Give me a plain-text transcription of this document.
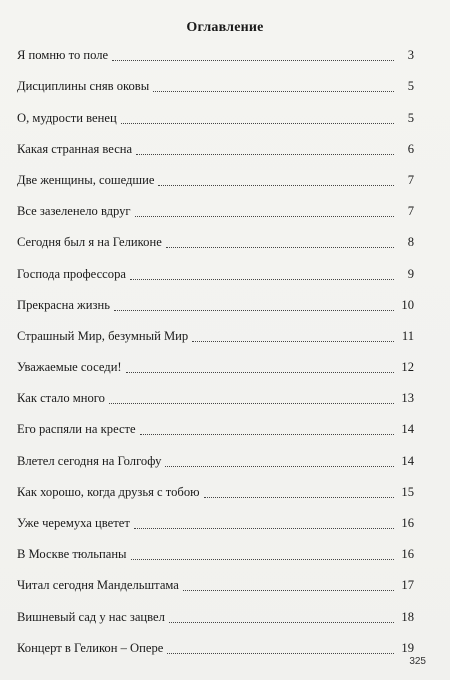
Оглавление
Я помню то поле	3
Дисциплины сняв оковы	5
О, мудрости венец	5
Какая странная весна	6
Две женщины, сошедшие	7
Все зазеленело вдруг	7
Сегодня был я на Геликоне	8
Господа профессора	9
Прекрасна жизнь	10
Страшный Мир, безумный Мир	11
Уважаемые соседи!	12
Как стало много	13
Его распяли на кресте	14
Влетел сегодня на Голгофу	14
Как хорошо, когда друзья с тобою	15
Уже черемуха цветет	16
В Москве тюльпаны	16
Читал сегодня Мандельштама	17
Вишневый сад у нас зацвел	18
Концерт в Геликон – Опере	19
325
